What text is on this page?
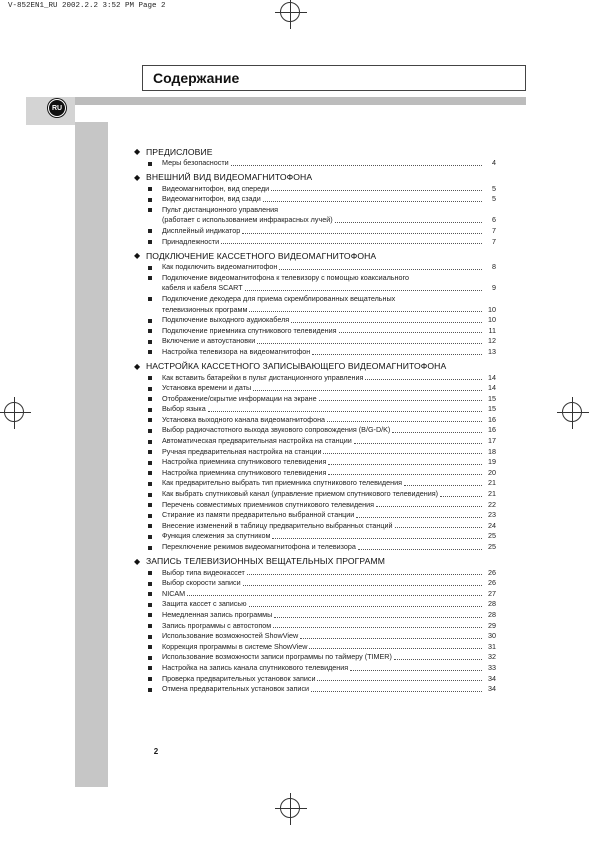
V-852EN1_RU 2002.2.2 3:52 PM Page 2
Содержание
RU
◆ ПРЕДИСЛОВИЕ
Меры безопасности	4
◆ ВНЕШНИЙ ВИД ВИДЕОМАГНИТОФОНА
Видеомагнитофон, вид спереди	5
Видеомагнитофон, вид сзади	5
Пульт дистанционного управления
(работает с использованием инфракрасных лучей)	6
Дисплейный индикатор	7
Принадлежности	7
◆ ПОДКЛЮЧЕНИЕ КАССЕТНОГО ВИДЕОМАГНИТОФОНА
Как подключить видеомагнитофон	8
Подключение видеомагнитофона к телевизору с помощью коаксиального
кабеля и кабеля SCART	9
Подключение декодера для приема скремблированных вещательных
телевизионных программ	10
Подключение выходного аудиокабеля	10
Подключение приемника спутникового телевидения	11
Включение и автоустановки	12
Настройка телевизора на видеомагнитофон	13
◆ НАСТРОЙКА КАССЕТНОГО ЗАПИСЫВАЮЩЕГО ВИДЕОМАГНИТОФОНА
Как вставить батарейки в пульт дистанционного управления	14
Установка времени и даты	14
Отображение/скрытие информации на экране	15
Выбор языка	15
Установка выходного канала видеомагнитофона	16
Выбор радиочастотного выхода звукового сопровождения (B/G-D/K)	16
Автоматическая предварительная настройка на станции	17
Ручная предварительная настройка на станции	18
Настройка приемника спутникового телевидения	19
Настройка приемника спутникового телевидения	20
Как предварительно выбрать тип приемника спутникового телевидения	21
Как выбрать спутниковый канал (управление приемом спутникового телевидения)	21
Перечень совместимых приемников спутникового телевидения	22
Стирание из памяти предварительно выбранной станции	23
Внесение изменений в таблицу предварительно выбранных станций	24
Функция слежения за спутником	25
Переключение режимов видеомагнитофона и телевизора	25
◆ ЗАПИСЬ ТЕЛЕВИЗИОННЫХ ВЕЩАТЕЛЬНЫХ ПРОГРАММ
Выбор типа видеокассет	26
Выбор скорости записи	26
NICAM	27
Защита кассет с записью	28
Немедленная запись программы	28
Запись программы с автостопом	29
Использование возможностей ShowView	30
Коррекция программы в системе ShowView	31
Использование возможности записи программы по таймеру (TIMER)	32
Настройка на запись канала спутникового телевидения	33
Проверка предварительных установок записи	34
Отмена предварительных установок записи	34
2
